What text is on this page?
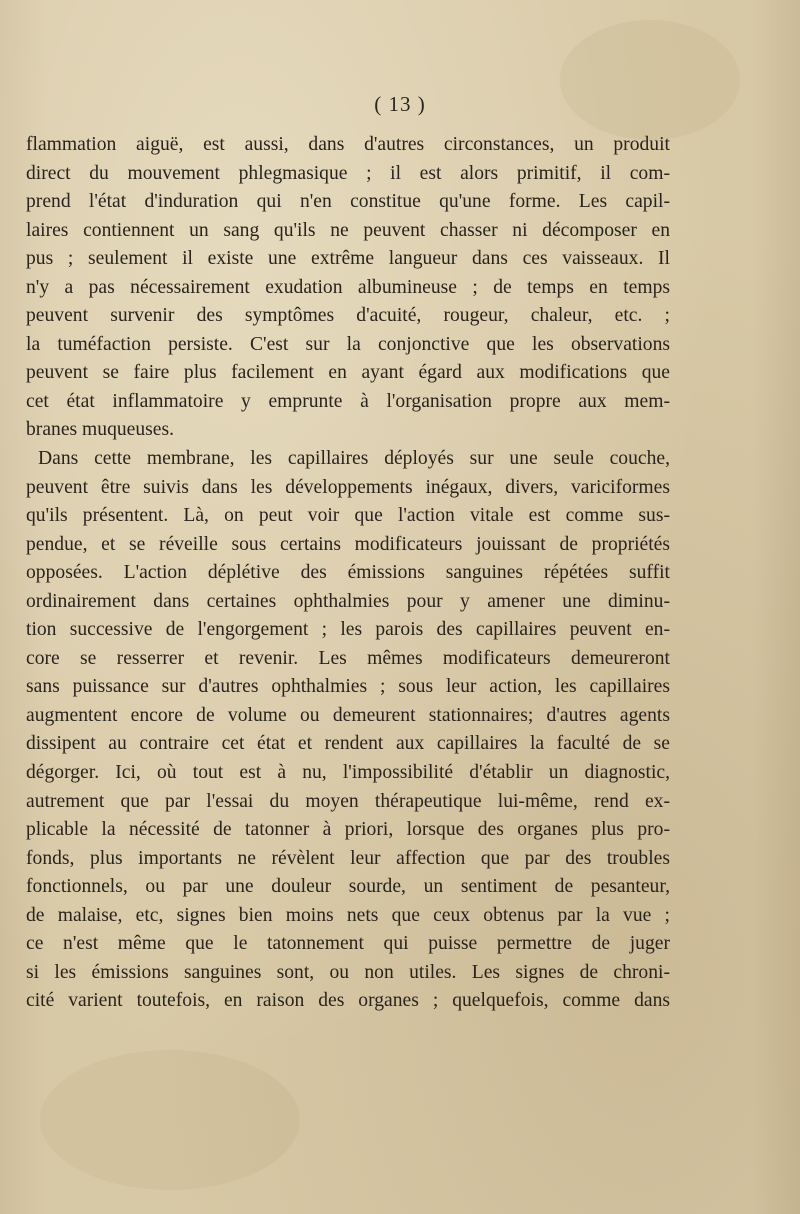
( 13 )
flammation aiguë, est aussi, dans d'autres circonstances, un produit
direct du mouvement phlegmasique ; il est alors primitif, il com-
prend l'état d'induration qui n'en constitue qu'une forme. Les capil-
laires contiennent un sang qu'ils ne peuvent chasser ni décomposer en
pus ; seulement il existe une extrême langueur dans ces vaisseaux. Il
n'y a pas nécessairement exudation albumineuse ; de temps en temps
peuvent survenir des symptômes d'acuité, rougeur, chaleur, etc. ;
la tuméfaction persiste. C'est sur la conjonctive que les observations
peuvent se faire plus facilement en ayant égard aux modifications que
cet état inflammatoire y emprunte à l'organisation propre aux mem-
branes muqueuses.
Dans cette membrane, les capillaires déployés sur une seule couche,
peuvent être suivis dans les développements inégaux, divers, variciformes
qu'ils présentent. Là, on peut voir que l'action vitale est comme sus-
pendue, et se réveille sous certains modificateurs jouissant de propriétés
opposées. L'action déplétive des émissions sanguines répétées suffit
ordinairement dans certaines ophthalmies pour y amener une diminu-
tion successive de l'engorgement ; les parois des capillaires peuvent en-
core se resserrer et revenir. Les mêmes modificateurs demeureront
sans puissance sur d'autres ophthalmies ; sous leur action, les capillaires
augmentent encore de volume ou demeurent stationnaires; d'autres agents
dissipent au contraire cet état et rendent aux capillaires la faculté de se
dégorger. Ici, où tout est à nu, l'impossibilité d'établir un diagnostic,
autrement que par l'essai du moyen thérapeutique lui-même, rend ex-
plicable la nécessité de tatonner à priori, lorsque des organes plus pro-
fonds, plus importants ne révèlent leur affection que par des troubles
fonctionnels, ou par une douleur sourde, un sentiment de pesanteur,
de malaise, etc, signes bien moins nets que ceux obtenus par la vue ;
ce n'est même que le tatonnement qui puisse permettre de juger
si les émissions sanguines sont, ou non utiles. Les signes de chroni-
cité varient toutefois, en raison des organes ; quelquefois, comme dans
